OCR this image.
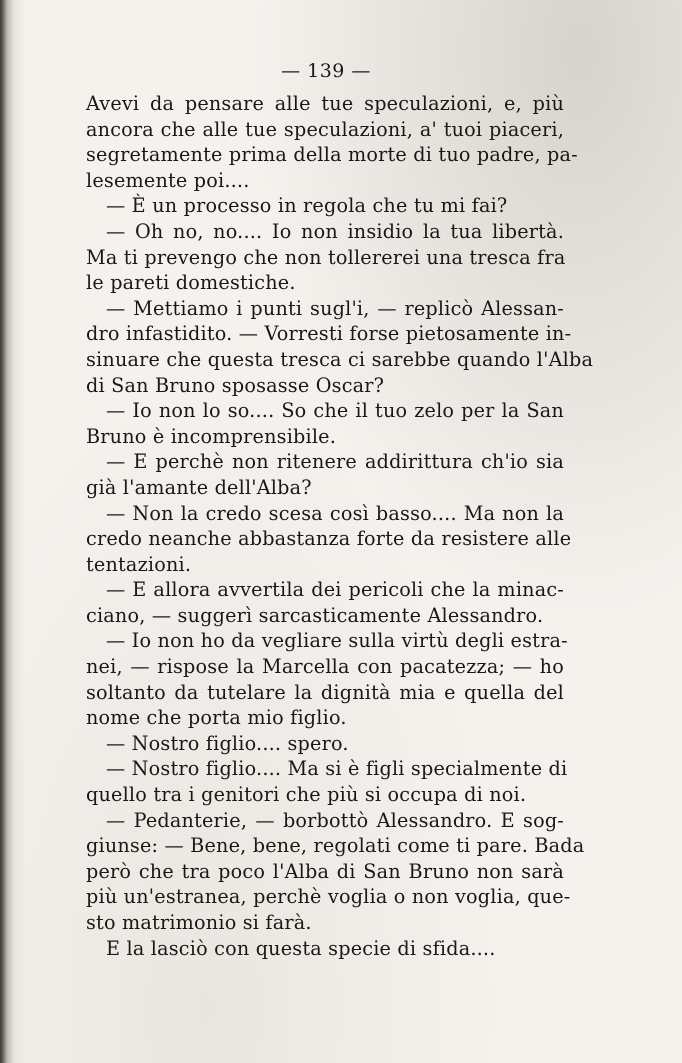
— 139 —
Avevi da pensare alle tue speculazioni, e, più
ancora che alle tue speculazioni, a' tuoi piaceri,
segretamente prima della morte di tuo padre, pa-
lesemente poi....
— È un processo in regola che tu mi fai?
— Oh no, no.... Io non insidio la tua libertà.
Ma ti prevengo che non tollererei una tresca fra
le pareti domestiche.
— Mettiamo i punti sugl'i, — replicò Alessan-
dro infastidito. — Vorresti forse pietosamente in-
sinuare che questa tresca ci sarebbe quando l'Alba
di San Bruno sposasse Oscar?
— Io non lo so.... So che il tuo zelo per la San
Bruno è incomprensibile.
— E perchè non ritenere addirittura ch'io sia
già l'amante dell'Alba?
— Non la credo scesa così basso.... Ma non la
credo neanche abbastanza forte da resistere alle
tentazioni.
— E allora avvertila dei pericoli che la minac-
ciano, — suggerì sarcasticamente Alessandro.
— Io non ho da vegliare sulla virtù degli estra-
nei, — rispose la Marcella con pacatezza; — ho
soltanto da tutelare la dignità mia e quella del
nome che porta mio figlio.
— Nostro figlio.... spero.
— Nostro figlio.... Ma si è figli specialmente di
quello tra i genitori che più si occupa di noi.
— Pedanterie, — borbottò Alessandro. E sog-
giunse: — Bene, bene, regolati come ti pare. Bada
però che tra poco l'Alba di San Bruno non sarà
più un'estranea, perchè voglia o non voglia, que-
sto matrimonio si farà.
E la lasciò con questa specie di sfida....
